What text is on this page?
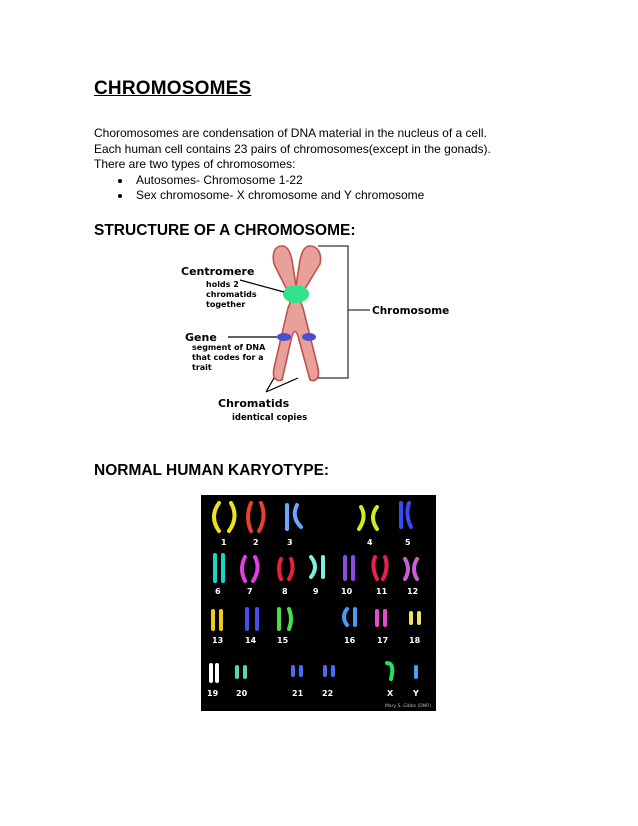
CHROMOSOMES

Choromosomes are condensation of DNA material in the nucleus of a cell.

Each human cell contains 23 pairs of chromosomes(except in the gonads).

There are two types of chromosomes:

• Autosomes- Chromosome 1-22
• Sex chromosome- X chromosome and Y chromosome
STRUCTURE OF A CHROMOSOME:
Centromere
holds 2
chromatids
together
Gene
segment of DNA
that codes for a
trait
Chromosome
Chromatids
identical copies
NORMAL HUMAN KARYOTYPE:
1	2	3	4	5
6	7	8	9	10	11 12
13	14	15	16	17	18
19 20	21 22	X Y
Mary S. Gibbs (DNR)
